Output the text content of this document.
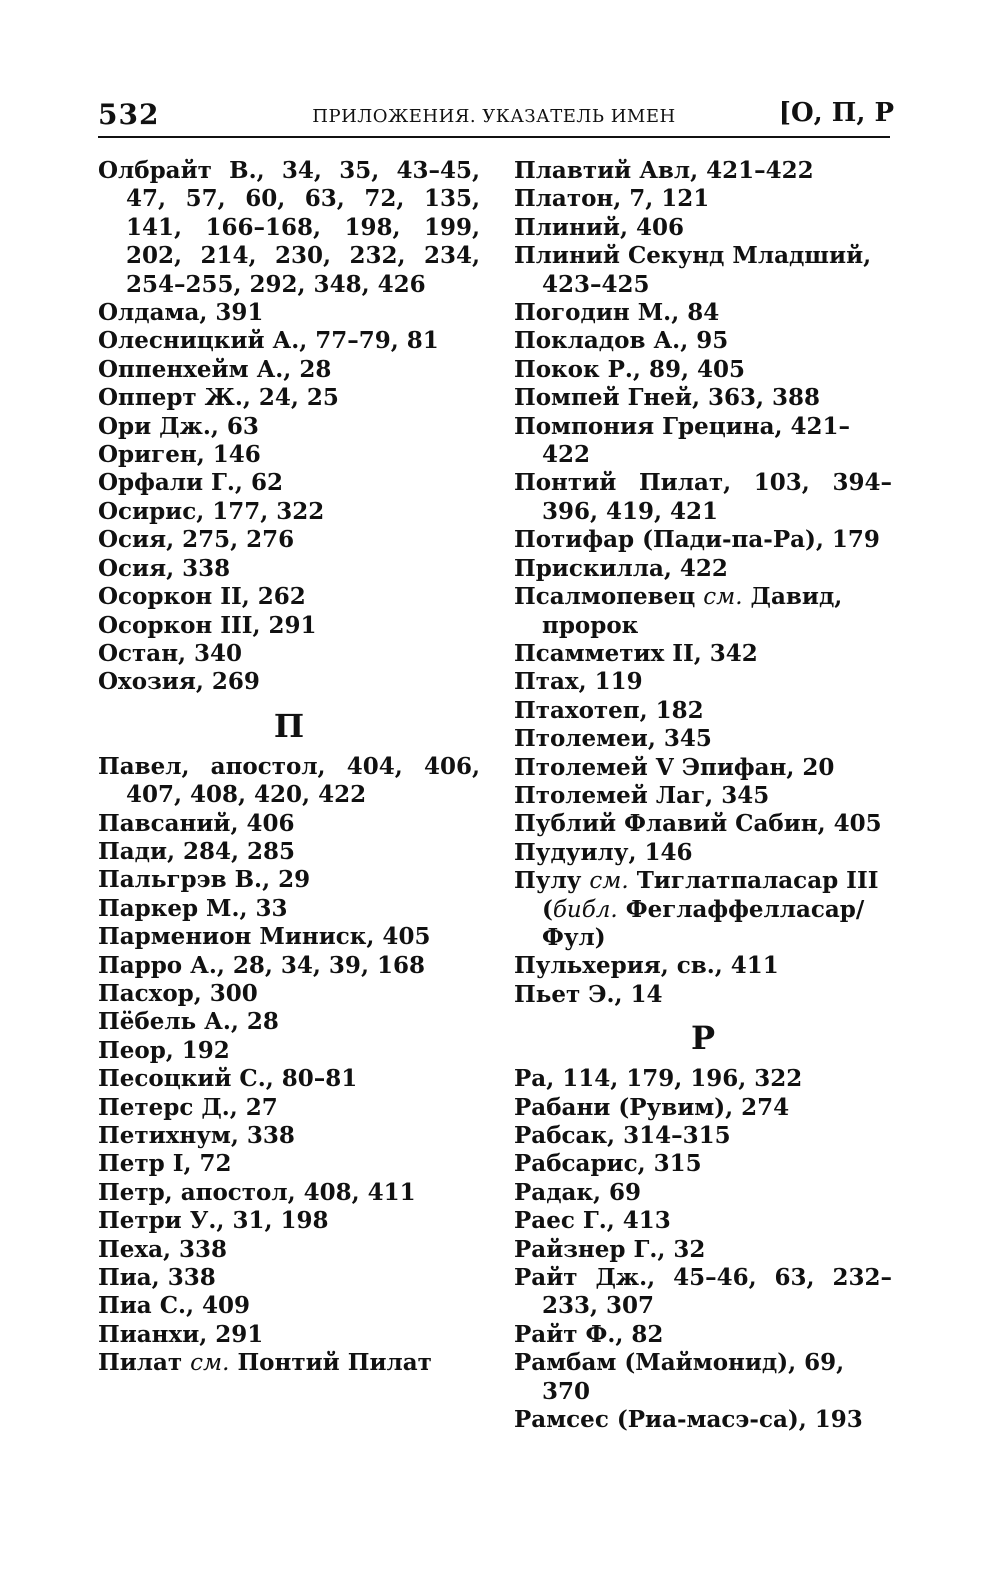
532	ПРИЛОЖЕНИЯ. УКАЗАТЕЛЬ ИМЕН	[О, П, Р

Олбрайт В., 34, 35, 43–45, 47, 57, 60, 63, 72, 135, 141, 166–168, 198, 199, 202, 214, 230, 232, 234, 254–255, 292, 348, 426

Олдама, 391

Олесницкий А., 77–79, 81

Оппенхейм А., 28

Опперт Ж., 24, 25

Ори Дж., 63

Ориген, 146

Орфали Г., 62

Осирис, 177, 322

Осия, 275, 276

Осия, 338

Осоркон II, 262

Осоркон III, 291

Остан, 340

Охозия, 269

П

Павел, апостол, 404, 406, 407, 408, 420, 422

Павсаний, 406

Пади, 284, 285

Пальгрэв В., 29

Паркер М., 33

Парменион Миниск, 405

Парро А., 28, 34, 39, 168

Пасхор, 300

Пёбель А., 28

Пеор, 192

Песоцкий С., 80–81

Петерс Д., 27

Петихнум, 338

Петр I, 72

Петр, апостол, 408, 411

Петри У., 31, 198

Пеха, 338

Пиа, 338

Пиа С., 409

Пианхи, 291

Пилат см. Понтий Пилат

Плавтий Авл, 421–422

Платон, 7, 121

Плиний, 406

Плиний Секунд Младший, 423–425

Погодин М., 84

Покладов А., 95

Покок Р., 89, 405

Помпей Гней, 363, 388

Помпония Грецина, 421–422

Понтий Пилат, 103, 394–396, 419, 421

Потифар (Пади-па-Ра), 179

Прискилла, 422

Псалмопевец см. Давид, пророк

Псамметих II, 342

Птах, 119

Птахотеп, 182

Птолемеи, 345

Птолемей V Эпифан, 20

Птолемей Лаг, 345

Публий Флавий Сабин, 405

Пудуилу, 146

Пулу см. Тиглатпаласар III (библ. Феглаффелласар/ Фул)

Пульхерия, св., 411

Пьет Э., 14

Р

Ра, 114, 179, 196, 322

Рабани (Рувим), 274

Рабсак, 314–315

Рабсарис, 315

Радак, 69

Раес Г., 413

Райзнер Г., 32

Райт Дж., 45–46, 63, 232–233, 307

Райт Ф., 82

Рамбам (Маймонид), 69, 370

Рамсес (Риа-масэ-са), 193
